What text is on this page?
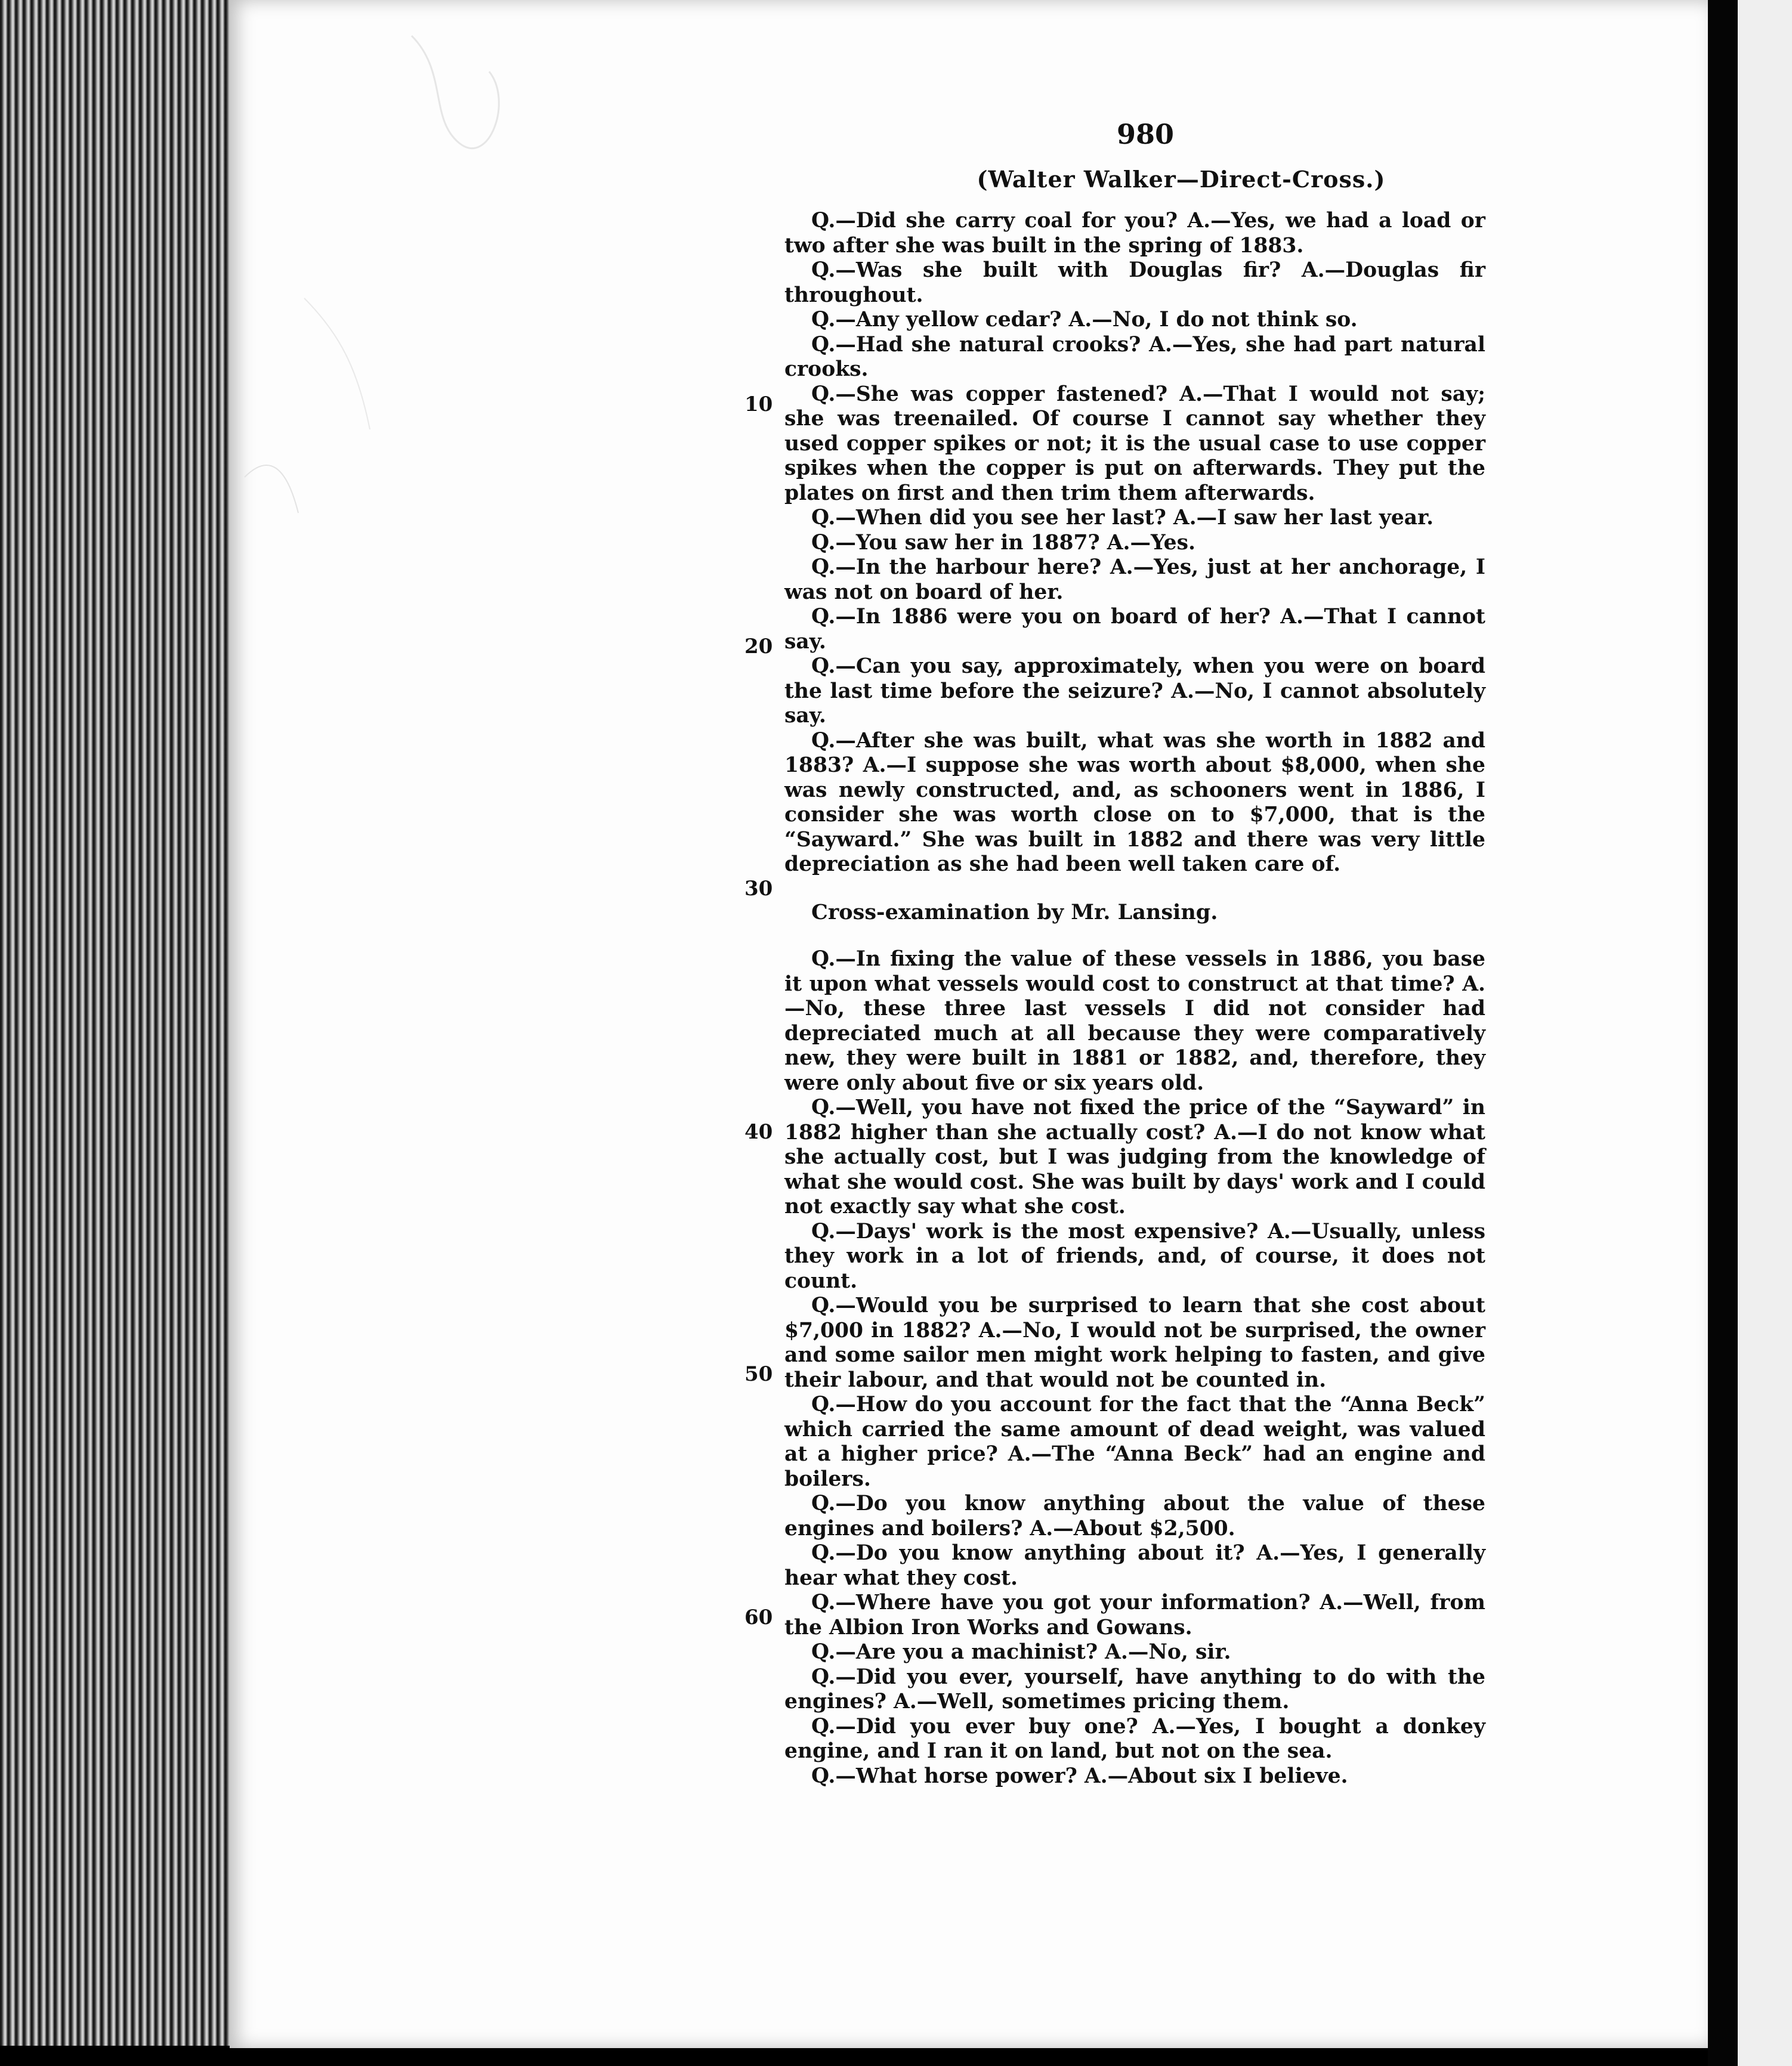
980
(Walter Walker—Direct-Cross.)
10
20
30
40
50
60

Q.—Did she carry coal for you? A.—Yes, we had a load or two after she was built in the spring of 1883.

Q.—Was she built with Douglas fir? A.—Douglas fir throughout.

Q.—Any yellow cedar? A.—No, I do not think so.

Q.—Had she natural crooks? A.—Yes, she had part natural crooks.

Q.—She was copper fastened? A.—That I would not say; she was treenailed. Of course I cannot say whether they used copper spikes or not; it is the usual case to use copper spikes when the copper is put on afterwards. They put the plates on first and then trim them afterwards.

Q.—When did you see her last? A.—I saw her last year.

Q.—You saw her in 1887? A.—Yes.

Q.—In the harbour here? A.—Yes, just at her anchorage, I was not on board of her.

Q.—In 1886 were you on board of her? A.—That I cannot say.

Q.—Can you say, approximately, when you were on board the last time before the seizure? A.—No, I cannot absolutely say.

Q.—After she was built, what was she worth in 1882 and 1883? A.—I suppose she was worth about $8,000, when she was newly constructed, and, as schooners went in 1886, I consider she was worth close on to $7,000, that is the “Sayward.” She was built in 1882 and there was very little depreciation as she had been well taken care of.

Cross-examination by Mr. Lansing.

Q.—In fixing the value of these vessels in 1886, you base it upon what vessels would cost to construct at that time? A.—No, these three last vessels I did not consider had depreciated much at all because they were comparatively new, they were built in 1881 or 1882, and, therefore, they were only about five or six years old.

Q.—Well, you have not fixed the price of the “Sayward” in 1882 higher than she actually cost? A.—I do not know what she actually cost, but I was judging from the knowledge of what she would cost. She was built by days' work and I could not exactly say what she cost.

Q.—Days' work is the most expensive? A.—Usually, unless they work in a lot of friends, and, of course, it does not count.

Q.—Would you be surprised to learn that she cost about $7,000 in 1882? A.—No, I would not be surprised, the owner and some sailor men might work helping to fasten, and give their labour, and that would not be counted in.

Q.—How do you account for the fact that the “Anna Beck” which carried the same amount of dead weight, was valued at a higher price? A.—The “Anna Beck” had an engine and boilers.

Q.—Do you know anything about the value of these engines and boilers? A.—About $2,500.

Q.—Do you know anything about it? A.—Yes, I generally hear what they cost.

Q.—Where have you got your information? A.—Well, from the Albion Iron Works and Gowans.

Q.—Are you a machinist? A.—No, sir.

Q.—Did you ever, yourself, have anything to do with the engines? A.—Well, sometimes pricing them.

Q.—Did you ever buy one? A.—Yes, I bought a donkey engine, and I ran it on land, but not on the sea.

Q.—What horse power? A.—About six I believe.
